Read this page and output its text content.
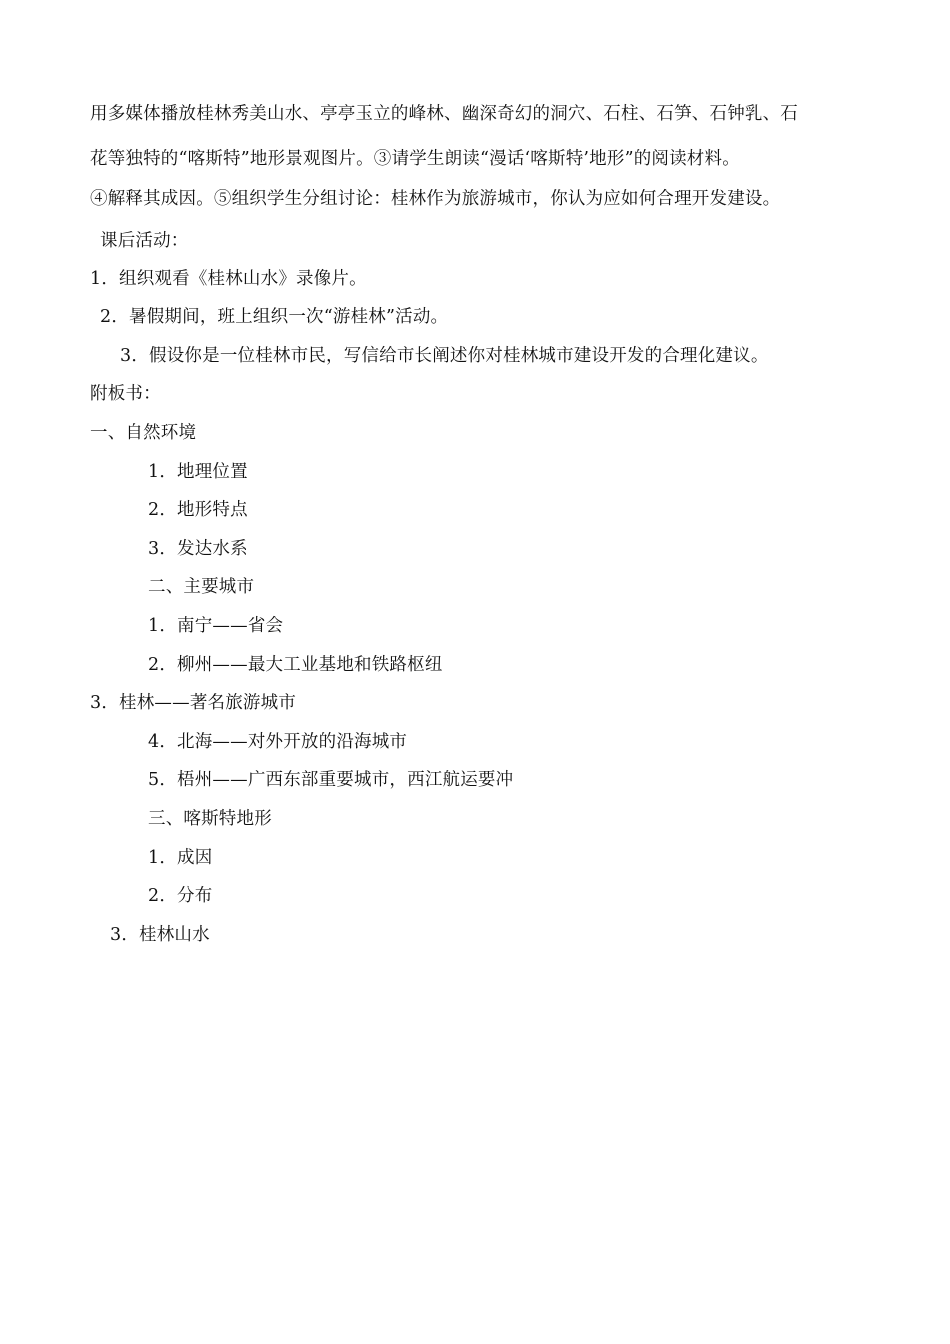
用多媒体播放桂林秀美山水、亭亭玉立的峰林、幽深奇幻的洞穴、石柱、石笋、石钟乳、石
花等独特的“喀斯特”地形景观图片。③请学生朗读“漫话‘喀斯特’地形”的阅读材料。
④解释其成因。⑤组织学生分组讨论：桂林作为旅游城市，你认为应如何合理开发建设。
课后活动：
1．组织观看《桂林山水》录像片。
2．暑假期间，班上组织一次“游桂林”活动。
3．假设你是一位桂林市民，写信给市长阐述你对桂林城市建设开发的合理化建议。
附板书：
一、自然环境
1．地理位置
2．地形特点
3．发达水系
二、主要城市
1．南宁——省会
2．柳州——最大工业基地和铁路枢纽
3．桂林——著名旅游城市
4．北海——对外开放的沿海城市
5．梧州——广西东部重要城市，西江航运要冲
三、喀斯特地形
1．成因
2．分布
3．桂林山水
